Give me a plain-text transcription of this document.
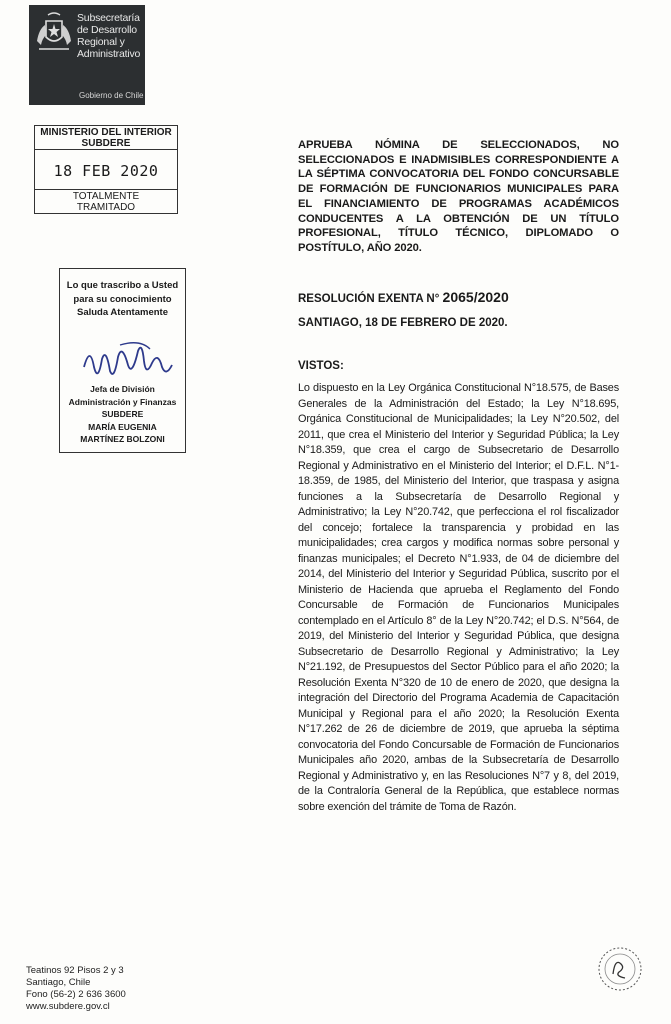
Subsecretaría
de Desarrollo
Regional y
Administrativo
Gobierno de Chile
MINISTERIO DEL INTERIOR
SUBDERE
18 FEB 2020
TOTALMENTE
TRAMITADO
Lo que trascribo a Usted
para su conocimiento
Saluda Atentamente
Jefa de División
Administración y Finanzas
SUBDERE
MARÍA EUGENIA
MARTÍNEZ BOLZONI
APRUEBA NÓMINA DE SELECCIONADOS, NO SELECCIONADOS E INADMISIBLES CORRESPONDIENTE A LA SÉPTIMA CONVOCATORIA DEL FONDO CONCURSABLE DE FORMACIÓN DE FUNCIONARIOS MUNICIPALES PARA EL FINANCIAMIENTO DE PROGRAMAS ACADÉMICOS CONDUCENTES A LA OBTENCIÓN DE UN TÍTULO PROFESIONAL, TÍTULO TÉCNICO, DIPLOMADO O POSTÍTULO, AÑO 2020.
RESOLUCIÓN EXENTA N° 2065/2020
SANTIAGO, 18 DE FEBRERO DE 2020.
VISTOS:
Lo dispuesto en la Ley Orgánica Constitucional N°18.575, de Bases Generales de la Administración del Estado; la Ley N°18.695, Orgánica Constitucional de Municipalidades; la Ley N°20.502, del 2011, que crea el Ministerio del Interior y Seguridad Pública; la Ley N°18.359, que crea el cargo de Subsecretario de Desarrollo Regional y Administrativo en el Ministerio del Interior; el D.F.L. N°1-18.359, de 1985, del Ministerio del Interior, que traspasa y asigna funciones a la Subsecretaría de Desarrollo Regional y Administrativo; la Ley N°20.742, que perfecciona el rol fiscalizador del concejo; fortalece la transparencia y probidad en las municipalidades; crea cargos y modifica normas sobre personal y finanzas municipales; el Decreto N°1.933, de 04 de diciembre del 2014, del Ministerio del Interior y Seguridad Pública, suscrito por el Ministerio de Hacienda que aprueba el Reglamento del Fondo Concursable de Formación de Funcionarios Municipales contemplado en el Artículo 8° de la Ley N°20.742; el D.S. N°564, de 2019, del Ministerio del Interior y Seguridad Pública, que designa Subsecretario de Desarrollo Regional y Administrativo; la Ley N°21.192, de Presupuestos del Sector Público para el año 2020; la Resolución Exenta N°320 de 10 de enero de 2020, que designa la integración del Directorio del Programa Academia de Capacitación Municipal y Regional para el año 2020; la Resolución Exenta N°17.262 de 26 de diciembre de 2019, que aprueba la séptima convocatoria del Fondo Concursable de Formación de Funcionarios Municipales año 2020, ambas de la Subsecretaría de Desarrollo Regional y Administrativo y, en las Resoluciones N°7 y 8, del 2019, de la Contraloría General de la República, que establece normas sobre exención del trámite de Toma de Razón.
Teatinos 92 Pisos 2 y 3
Santiago, Chile
Fono (56-2) 2 636 3600
www.subdere.gov.cl
